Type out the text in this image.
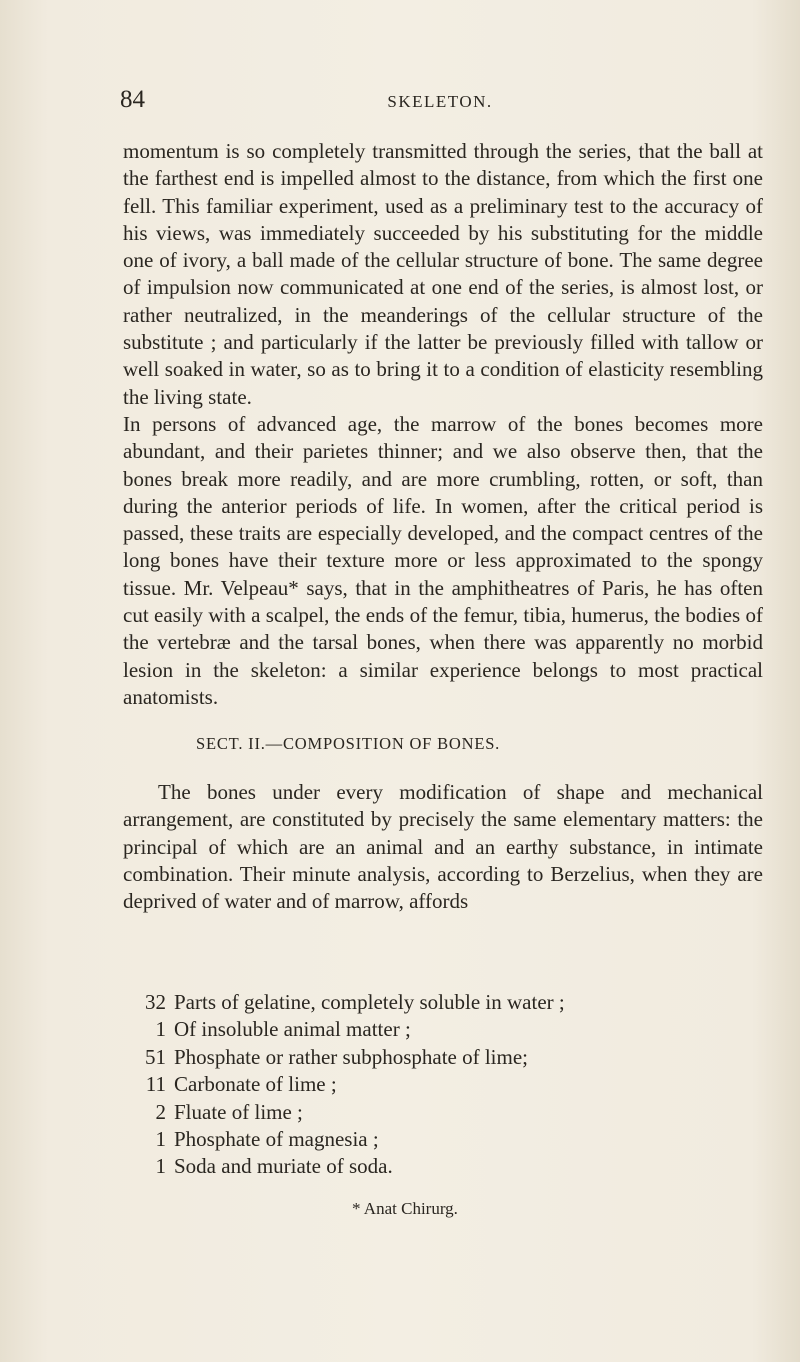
84	SKELETON.

momentum is so completely transmitted through the series, that the ball at the farthest end is impelled almost to the distance, from which the first one fell. This familiar experiment, used as a preliminary test to the accuracy of his views, was immediately succeeded by his substituting for the middle one of ivory, a ball made of the cellular structure of bone. The same degree of impulsion now communicated at one end of the series, is almost lost, or rather neutralized, in the meanderings of the cellular structure of the substitute ; and particularly if the latter be previously filled with tallow or well soaked in water, so as to bring it to a condition of elasticity resembling the living state.

In persons of advanced age, the marrow of the bones becomes more abundant, and their parietes thinner; and we also observe then, that the bones break more readily, and are more crumbling, rotten, or soft, than during the anterior periods of life. In women, after the critical period is passed, these traits are especially developed, and the compact centres of the long bones have their texture more or less approximated to the spongy tissue. Mr. Velpeau* says, that in the amphitheatres of Paris, he has often cut easily with a scalpel, the ends of the femur, tibia, humerus, the bodies of the vertebræ and the tarsal bones, when there was apparently no morbid lesion in the skeleton: a similar experience belongs to most practical anatomists.

SECT. II.—COMPOSITION OF BONES.

The bones under every modification of shape and mechanical arrangement, are constituted by precisely the same elementary matters: the principal of which are an animal and an earthy substance, in intimate combination. Their minute analysis, according to Berzelius, when they are deprived of water and of marrow, affords

32 Parts of gelatine, completely soluble in water ;
1 Of insoluble animal matter ;
51 Phosphate or rather subphosphate of lime;
11 Carbonate of lime ;
2 Fluate of lime ;
1 Phosphate of magnesia ;
1 Soda and muriate of soda.
* Anat Chirurg.
